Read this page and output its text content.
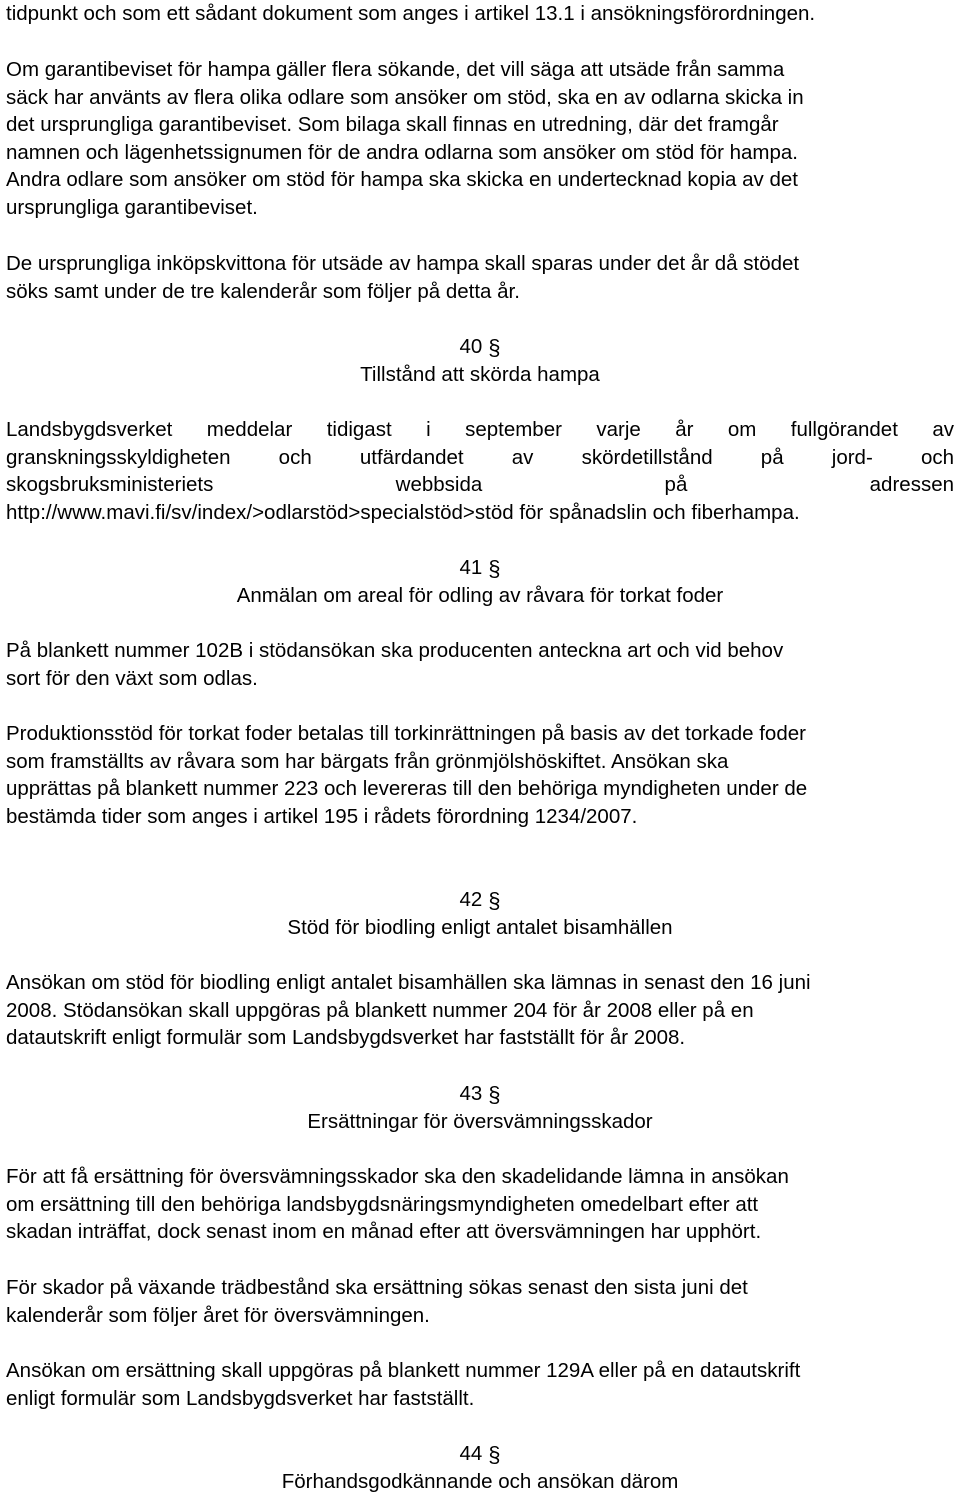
tidpunkt och som ett sådant dokument som anges i artikel 13.1 i ansökningsförordningen.
Om garantibeviset för hampa gäller flera sökande, det vill säga att utsäde från samma
säck har använts av flera olika odlare som ansöker om stöd, ska en av odlarna skicka in
det ursprungliga garantibeviset. Som bilaga skall finnas en utredning, där det framgår
namnen och lägenhetssignumen för de andra odlarna som ansöker om stöd för hampa.
Andra odlare som ansöker om stöd för hampa ska skicka en undertecknad kopia av det
ursprungliga garantibeviset.
De ursprungliga inköpskvittona för utsäde av hampa skall sparas under det år då stödet
söks samt under de tre kalenderår som följer på detta år.
40 §
Tillstånd att skörda hampa
Landsbygdsverket meddelar tidigast i september varje år om fullgörandet av
granskningsskyldigheten och utfärdandet av skördetillstånd på jord- och
skogsbruksministeriets webbsida på adressen
http://www.mavi.fi/sv/index/>odlarstöd>specialstöd>stöd för spånadslin och fiberhampa.
41 §
Anmälan om areal för odling av råvara för torkat foder
På blankett nummer 102B i stödansökan ska producenten anteckna art och vid behov
sort för den växt som odlas.
Produktionsstöd för torkat foder betalas till torkinrättningen på basis av det torkade foder
som framställts av råvara som har bärgats från grönmjölshöskiftet. Ansökan ska
upprättas på blankett nummer 223 och levereras till den behöriga myndigheten under de
bestämda tider som anges i artikel 195 i rådets förordning 1234/2007.
42 §
Stöd för biodling enligt antalet bisamhällen
Ansökan om stöd för biodling enligt antalet bisamhällen ska lämnas in senast den 16 juni
2008. Stödansökan skall uppgöras på blankett nummer 204 för år 2008 eller på en
datautskrift enligt formulär som Landsbygdsverket har fastställt för år 2008.
43 §
Ersättningar för översvämningsskador
För att få ersättning för översvämningsskador ska den skadelidande lämna in ansökan
om ersättning till den behöriga landsbygdsnäringsmyndigheten omedelbart efter att
skadan inträffat, dock senast inom en månad efter att översvämningen har upphört.
För skador på växande trädbestånd ska ersättning sökas senast den sista juni det
kalenderår som följer året för översvämningen.
Ansökan om ersättning skall uppgöras på blankett nummer 129A eller på en datautskrift
enligt formulär som Landsbygdsverket har fastställt.
44 §
Förhandsgodkännande och ansökan därom
